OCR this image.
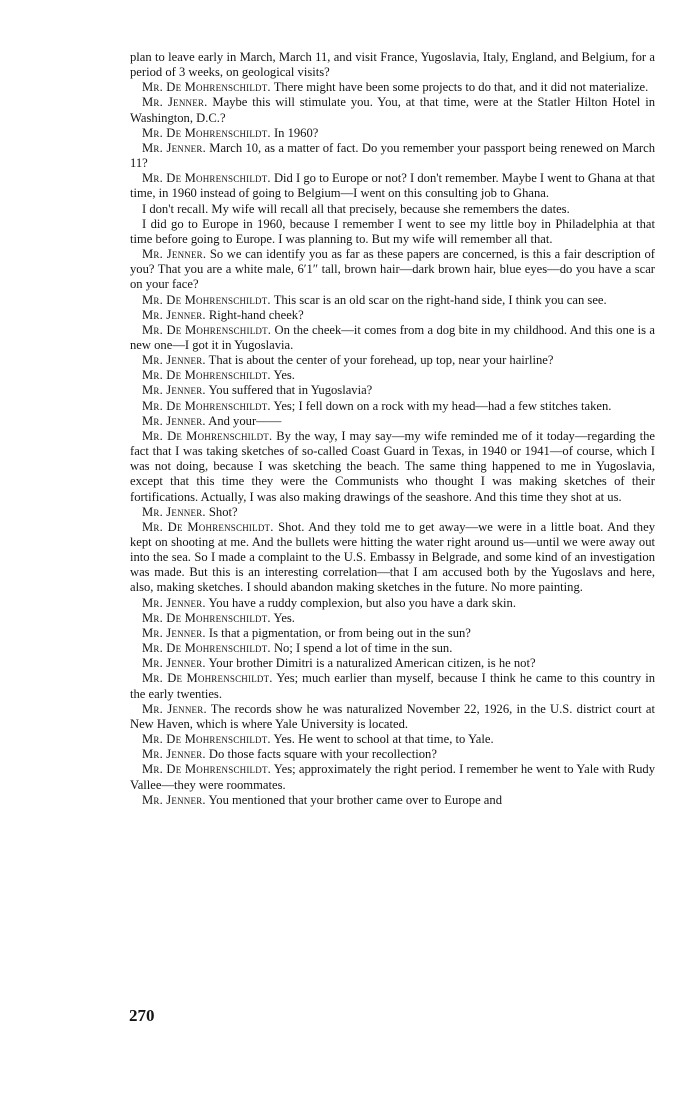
plan to leave early in March, March 11, and visit France, Yugoslavia, Italy, England, and Belgium, for a period of 3 weeks, on geological visits?

Mr. De Mohrenschildt. There might have been some projects to do that, and it did not materialize.

Mr. Jenner. Maybe this will stimulate you. You, at that time, were at the Statler Hilton Hotel in Washington, D.C.?

Mr. De Mohrenschildt. In 1960?

Mr. Jenner. March 10, as a matter of fact. Do you remember your passport being renewed on March 11?

Mr. De Mohrenschildt. Did I go to Europe or not? I don't remember. Maybe I went to Ghana at that time, in 1960 instead of going to Belgium—I went on this consulting job to Ghana.

I don't recall. My wife will recall all that precisely, because she remembers the dates.

I did go to Europe in 1960, because I remember I went to see my little boy in Philadelphia at that time before going to Europe. I was planning to. But my wife will remember all that.

Mr. Jenner. So we can identify you as far as these papers are concerned, is this a fair description of you? That you are a white male, 6′1″ tall, brown hair—dark brown hair, blue eyes—do you have a scar on your face?

Mr. De Mohrenschildt. This scar is an old scar on the right-hand side, I think you can see.

Mr. Jenner. Right-hand cheek?

Mr. De Mohrenschildt. On the cheek—it comes from a dog bite in my childhood. And this one is a new one—I got it in Yugoslavia.

Mr. Jenner. That is about the center of your forehead, up top, near your hairline?

Mr. De Mohrenschildt. Yes.

Mr. Jenner. You suffered that in Yugoslavia?

Mr. De Mohrenschildt. Yes; I fell down on a rock with my head—had a few stitches taken.

Mr. Jenner. And your——

Mr. De Mohrenschildt. By the way, I may say—my wife reminded me of it today—regarding the fact that I was taking sketches of so-called Coast Guard in Texas, in 1940 or 1941—of course, which I was not doing, because I was sketching the beach. The same thing happened to me in Yugoslavia, except that this time they were the Communists who thought I was making sketches of their fortifications. Actually, I was also making drawings of the seashore. And this time they shot at us.

Mr. Jenner. Shot?

Mr. De Mohrenschildt. Shot. And they told me to get away—we were in a little boat. And they kept on shooting at me. And the bullets were hitting the water right around us—until we were away out into the sea. So I made a complaint to the U.S. Embassy in Belgrade, and some kind of an investigation was made. But this is an interesting correlation—that I am accused both by the Yugoslavs and here, also, making sketches. I should abandon making sketches in the future. No more painting.

Mr. Jenner. You have a ruddy complexion, but also you have a dark skin.

Mr. De Mohrenschildt. Yes.

Mr. Jenner. Is that a pigmentation, or from being out in the sun?

Mr. De Mohrenschildt. No; I spend a lot of time in the sun.

Mr. Jenner. Your brother Dimitri is a naturalized American citizen, is he not?

Mr. De Mohrenschildt. Yes; much earlier than myself, because I think he came to this country in the early twenties.

Mr. Jenner. The records show he was naturalized November 22, 1926, in the U.S. district court at New Haven, which is where Yale University is located.

Mr. De Mohrenschildt. Yes. He went to school at that time, to Yale.

Mr. Jenner. Do those facts square with your recollection?

Mr. De Mohrenschildt. Yes; approximately the right period. I remember he went to Yale with Rudy Vallee—they were roommates.

Mr. Jenner. You mentioned that your brother came over to Europe and

270
